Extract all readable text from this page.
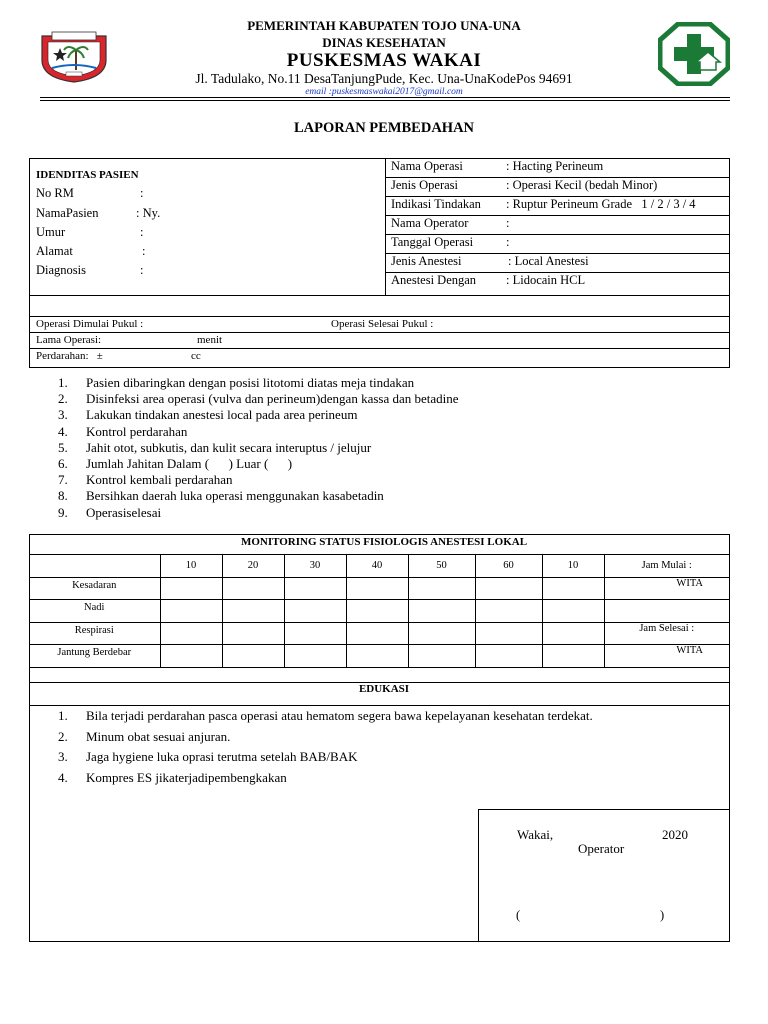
PEMERINTAH KABUPATEN TOJO UNA-UNA
DINAS KESEHATAN
PUSKESMAS WAKAI
Jl. Tadulako, No.11 DesaTanjungPude, Kec. Una-UnaKodePos 94691
email :puskesmaswakai2017@gmail.com
LAPORAN PEMBEDAHAN
IDENDITAS PASIEN
No RM	:
NamaPasien	: Ny.
Umur	:
Alamat	:
Diagnosis	:
Nama Operasi	: Hacting Perineum
Jenis Operasi	: Operasi Kecil (bedah Minor)
Indikasi Tindakan : Ruptur Perineum Grade   1 / 2 / 3 / 4
Nama Operator	:
Tanggal Operasi	:
Jenis Anestesi	: Local Anestesi
Anestesi Dengan : Lidocain HCL
Operasi Dimulai Pukul :	Operasi Selesai Pukul :
Lama Operasi:	menit
Perdarahan:   ±	cc
1. Pasien dibaringkan dengan posisi litotomi diatas meja tindakan
2. Disinfeksi area operasi (vulva dan perineum)dengan kassa dan betadine
3. Lakukan tindakan anestesi local pada area perineum
4. Kontrol perdarahan
5. Jahit otot, subkutis, dan kulit secara interuptus / jelujur
6. Jumlah Jahitan Dalam (      ) Luar (      )
7. Kontrol kembali perdarahan
8. Bersihkan daerah luka operasi menggunakan kasabetadin
9. Operasiselesai
MONITORING STATUS FISIOLOGIS ANESTESI LOKAL
	10	20	30	40	50	60	10	Jam Mulai :
Kesadaran								WITA
Nadi								
Respirasi								Jam Selesai :
Jantung Berdebar								WITA
EDUKASI
1. Bila terjadi perdarahan pasca operasi atau hematom segera bawa kepelayanan kesehatan terdekat.
2. Minum obat sesuai anjuran.
3. Jaga hygiene luka oprasi terutma setelah BAB/BAK
4. Kompres ES jikaterjadipembengkakan
Wakai,	2020
Operator
(	)
